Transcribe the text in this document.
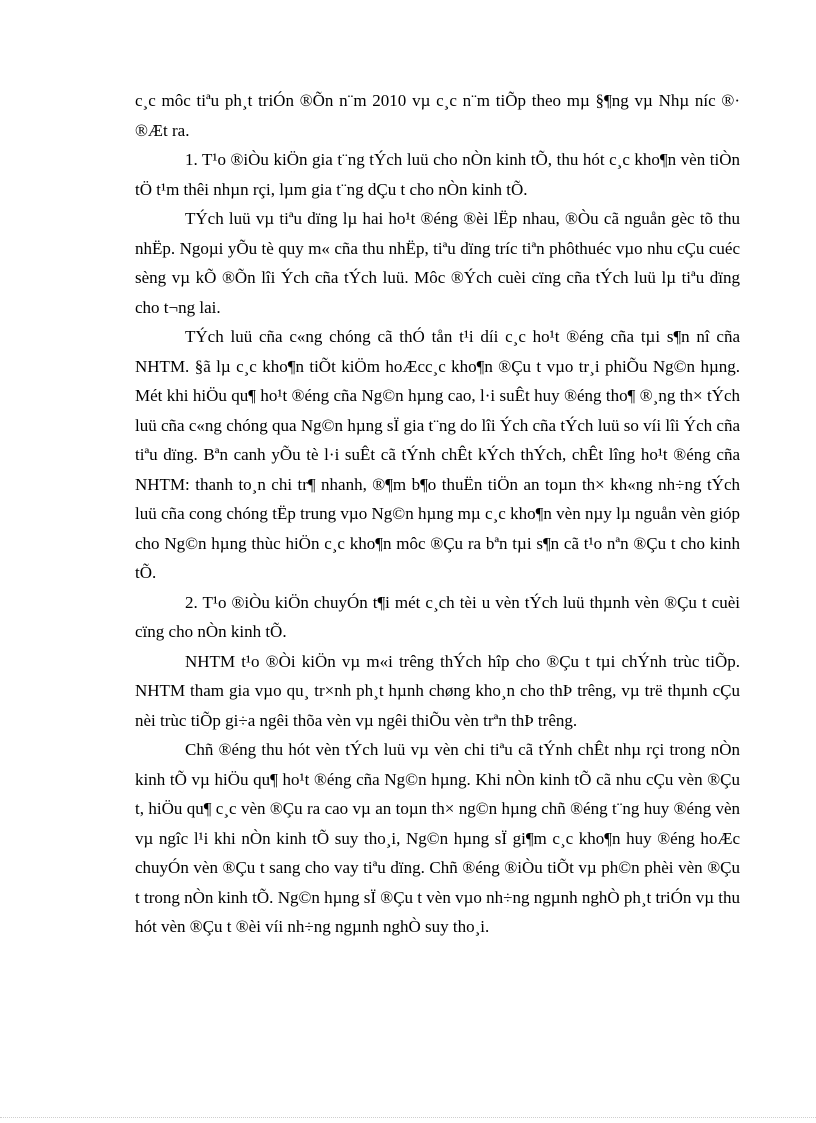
c¸c môc tiªu ph¸t triÓn ®Õn n¨m 2010 vµ c¸c n¨m tiÕp theo mµ §¶ng vµ Nhµ níc ®· ®Æt ra.

1. T¹o ®iÒu kiÖn gia t¨ng tÝch luü cho nÒn kinh tÕ, thu hót c¸c kho¶n vèn tiÒn tÖ t¹m thêi nhµn rçi, lµm gia t¨ng dÇu t cho nÒn kinh tÕ.

TÝch luü vµ tiªu dïng lµ hai ho¹t ®éng ®èi lËp nhau, ®Òu cã nguån gèc tõ thu nhËp. Ngoµi yÕu tè quy m« cña thu nhËp, tiªu dïng tríc tiªn phôthuéc vµo nhu cÇu cuéc sèng vµ kÕ ®Õn lîi Ých cña tÝch luü. Môc ®Ých cuèi cïng cña tÝch luü lµ tiªu dïng cho t¬ng lai.

TÝch luü cña c«ng chóng cã thÓ tån t¹i díi c¸c ho¹t ®éng cña tµi s¶n nî cña NHTM. §ã lµ c¸c kho¶n tiÕt kiÖm hoÆcc¸c kho¶n ®Çu t vµo tr¸i phiÕu Ng©n hµng. Mét khi hiÖu qu¶ ho¹t ®éng cña Ng©n hµng cao, l·i suÊt huy ®éng tho¶ ®¸ng th× tÝch luü cña c«ng chóng qua Ng©n hµng sÏ gia t¨ng do lîi Ých cña tÝch luü so víi lîi Ých cña tiªu dïng. Bªn canh yÕu tè l·i suÊt cã tÝnh chÊt kÝch thÝch, chÊt lîng ho¹t ®éng cña NHTM: thanh to¸n chi tr¶ nhanh, ®¶m b¶o thuËn tiÖn an toµn th× kh«ng nh÷ng tÝch luü cña cong chóng tËp trung vµo Ng©n hµng mµ c¸c kho¶n vèn nµy lµ nguån vèn gióp cho Ng©n hµng thùc hiÖn c¸c kho¶n môc ®Çu ra bªn tµi s¶n cã t¹o nªn ®Çu t cho kinh tÕ.

2. T¹o ®iÒu kiÖn chuyÓn t¶i mét c¸ch tèi u vèn tÝch luü thµnh vèn ®Çu t cuèi cïng cho nÒn kinh tÕ.

NHTM t¹o ®Òi kiÖn vµ m«i trêng thÝch hîp cho ®Çu t tµi chÝnh trùc tiÕp. NHTM tham gia vµo qu¸ tr×nh ph¸t hµnh chøng kho¸n cho thÞ trêng, vµ trë thµnh cÇu nèi trùc tiÕp gi÷a ngêi thõa vèn vµ ngêi thiÕu vèn trªn thÞ trêng.

Chñ ®éng thu hót vèn tÝch luü vµ vèn chi tiªu cã tÝnh chÊt nhµ rçi trong nÒn kinh tÕ vµ hiÖu qu¶ ho¹t ®éng cña Ng©n hµng. Khi nÒn kinh tÕ cã nhu cÇu vèn ®Çu t, hiÖu qu¶ c¸c vèn ®Çu ra cao vµ an toµn th× ng©n hµng chñ ®éng t¨ng huy ®éng vèn vµ ngîc l¹i khi nÒn kinh tÕ suy tho¸i, Ng©n hµng sÏ gi¶m c¸c kho¶n huy ®éng hoÆc chuyÓn vèn ®Çu t sang cho vay tiªu dïng. Chñ ®éng ®iÒu tiÕt vµ ph©n phèi vèn ®Çu t trong nÒn kinh tÕ. Ng©n hµng sÏ ®Çu t vèn vµo nh÷ng ngµnh nghÒ ph¸t triÓn vµ thu hót vèn ®Çu t ®èi víi nh÷ng ngµnh nghÒ suy tho¸i.
